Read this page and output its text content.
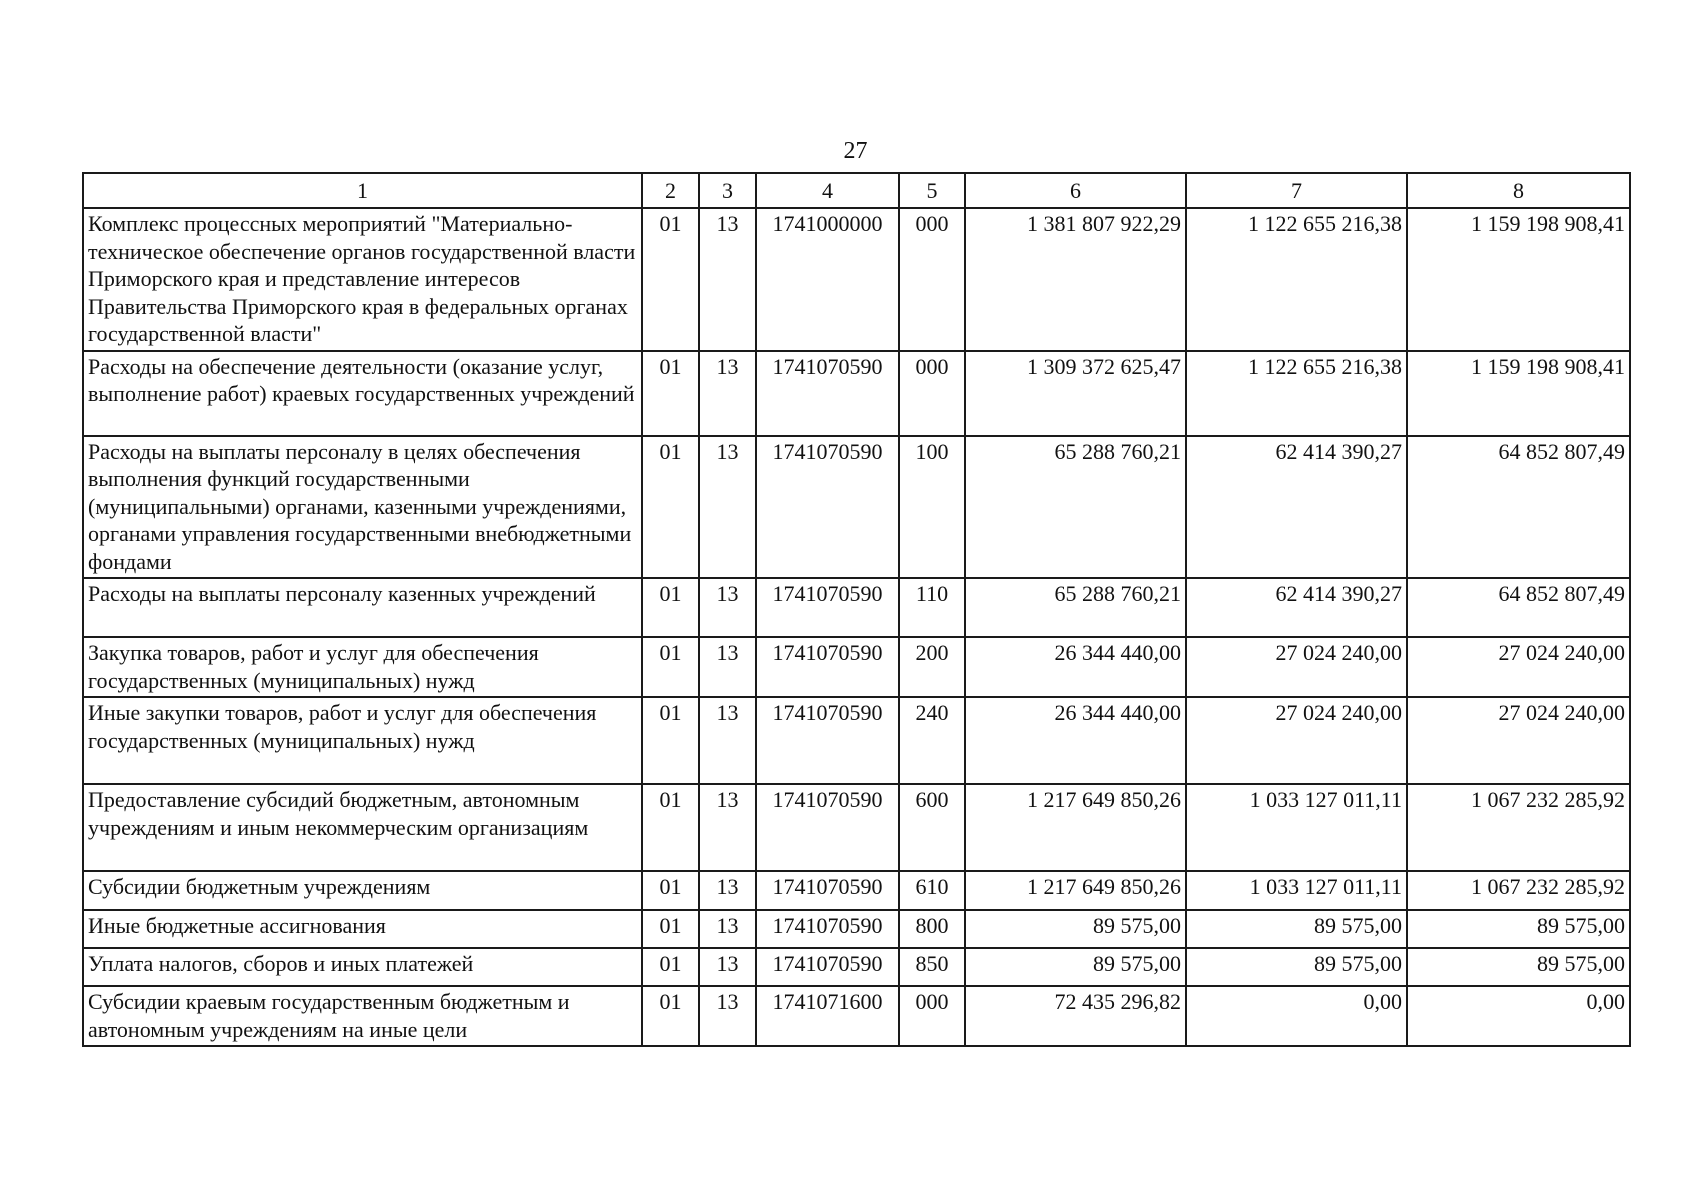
27
1	2	3	4	5	6	7	8
Комплекс процессных мероприятий "Материально-техническое обеспечение органов государственной власти Приморского края и представление интересов Правительства Приморского края в федеральных органах государственной власти"	01	13	1741000000	000	1 381 807 922,29	1 122 655 216,38	1 159 198 908,41
Расходы на обеспечение деятельности (оказание услуг, выполнение работ) краевых государственных учреждений	01	13	1741070590	000	1 309 372 625,47	1 122 655 216,38	1 159 198 908,41
Расходы на выплаты персоналу в целях обеспечения выполнения функций государственными (муниципальными) органами, казенными учреждениями, органами управления государственными внебюджетными фондами	01	13	1741070590	100	65 288 760,21	62 414 390,27	64 852 807,49
Расходы на выплаты персоналу казенных учреждений	01	13	1741070590	110	65 288 760,21	62 414 390,27	64 852 807,49
Закупка товаров, работ и услуг для обеспечения государственных (муниципальных) нужд	01	13	1741070590	200	26 344 440,00	27 024 240,00	27 024 240,00
Иные закупки товаров, работ и услуг для обеспечения государственных (муниципальных) нужд	01	13	1741070590	240	26 344 440,00	27 024 240,00	27 024 240,00
Предоставление субсидий бюджетным, автономным учреждениям и иным некоммерческим организациям	01	13	1741070590	600	1 217 649 850,26	1 033 127 011,11	1 067 232 285,92
Субсидии бюджетным учреждениям	01	13	1741070590	610	1 217 649 850,26	1 033 127 011,11	1 067 232 285,92
Иные бюджетные ассигнования	01	13	1741070590	800	89 575,00	89 575,00	89 575,00
Уплата налогов, сборов и иных платежей	01	13	1741070590	850	89 575,00	89 575,00	89 575,00
Субсидии краевым государственным бюджетным и автономным учреждениям на иные цели	01	13	1741071600	000	72 435 296,82	0,00	0,00
